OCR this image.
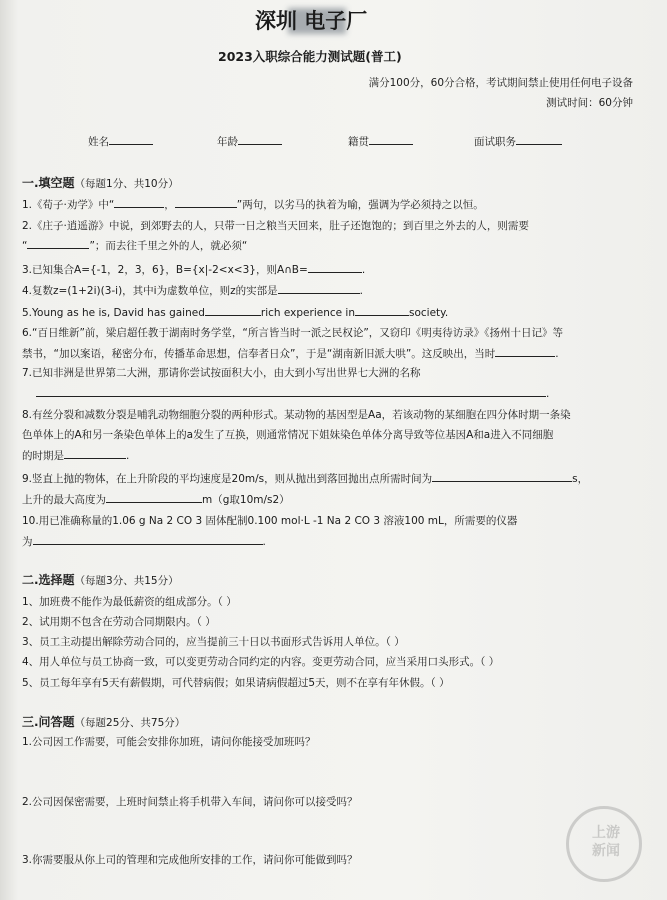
深圳 电子厂
2023入职综合能力测试题(普工)
满分100分，60分合格，考试期间禁止使用任何电子设备
测试时间：60分钟
姓名	年龄	籍贯	面试职务
一.填空题（每题1分、共10分）
1.《荀子·劝学》中“	，	”两句，以劣马的执着为喻，强调为学必须持之以恒。
2.《庄子·逍遥游》中说，到郊野去的人，只带一日之粮当天回来，肚子还饱饱的；到百里之外去的人，则需要
“	”；而去往千里之外的人，就必须“
3.已知集合A={-1，2，3，6}，B={x|-2<x<3}，则A∩B=	.
4.复数z=(1+2i)(3-i)，其中i为虚数单位，则z的实部是	.
5.Young as he is, David has gained	rich experience in	society.
6.“百日维新”前，梁启超任教于湖南时务学堂，“所言皆当时一派之民权论”，又窃印《明夷待访录》《扬州十日记》等
禁书，“加以案语，秘密分布，传播革命思想，信奉者日众”，于是“湖南新旧派大哄”。这反映出，当时	.
7.已知非洲是世界第二大洲，那请你尝试按面积大小，由大到小写出世界七大洲的名称
.
8.有丝分裂和减数分裂是哺乳动物细胞分裂的两种形式。某动物的基因型是Aa，若该动物的某细胞在四分体时期一条染
色单体上的A和另一条染色单体上的a发生了互换，则通常情况下姐妹染色单体分离导致等位基因A和a进入不同细胞
的时期是	.
9.竖直上抛的物体，在上升阶段的平均速度是20m/s，则从抛出到落回抛出点所需时间为	s，
上升的最大高度为	m（g取10m/s2）
10.用已准确称量的1.06 g Na 2 CO 3 固体配制0.100 mol·L -1 Na 2 CO 3 溶液100 mL，所需要的仪器
为	.
二.选择题（每题3分、共15分）
1、加班费不能作为最低薪资的组成部分。（ ）
2、试用期不包含在劳动合同期限内。（ ）
3、员工主动提出解除劳动合同的，应当提前三十日以书面形式告诉用人单位。（ ）
4、用人单位与员工协商一致，可以变更劳动合同约定的内容。变更劳动合同，应当采用口头形式。（ ）
5、员工每年享有5天有薪假期，可代替病假；如果请病假超过5天，则不在享有年休假。（ ）
三.问答题（每题25分、共75分）
1.公司因工作需要，可能会安排你加班，请问你能接受加班吗？
2.公司因保密需要，上班时间禁止将手机带入车间，请问你可以接受吗？
3.你需要服从你上司的管理和完成他所安排的工作，请问你可能做到吗？
上游
新闻
